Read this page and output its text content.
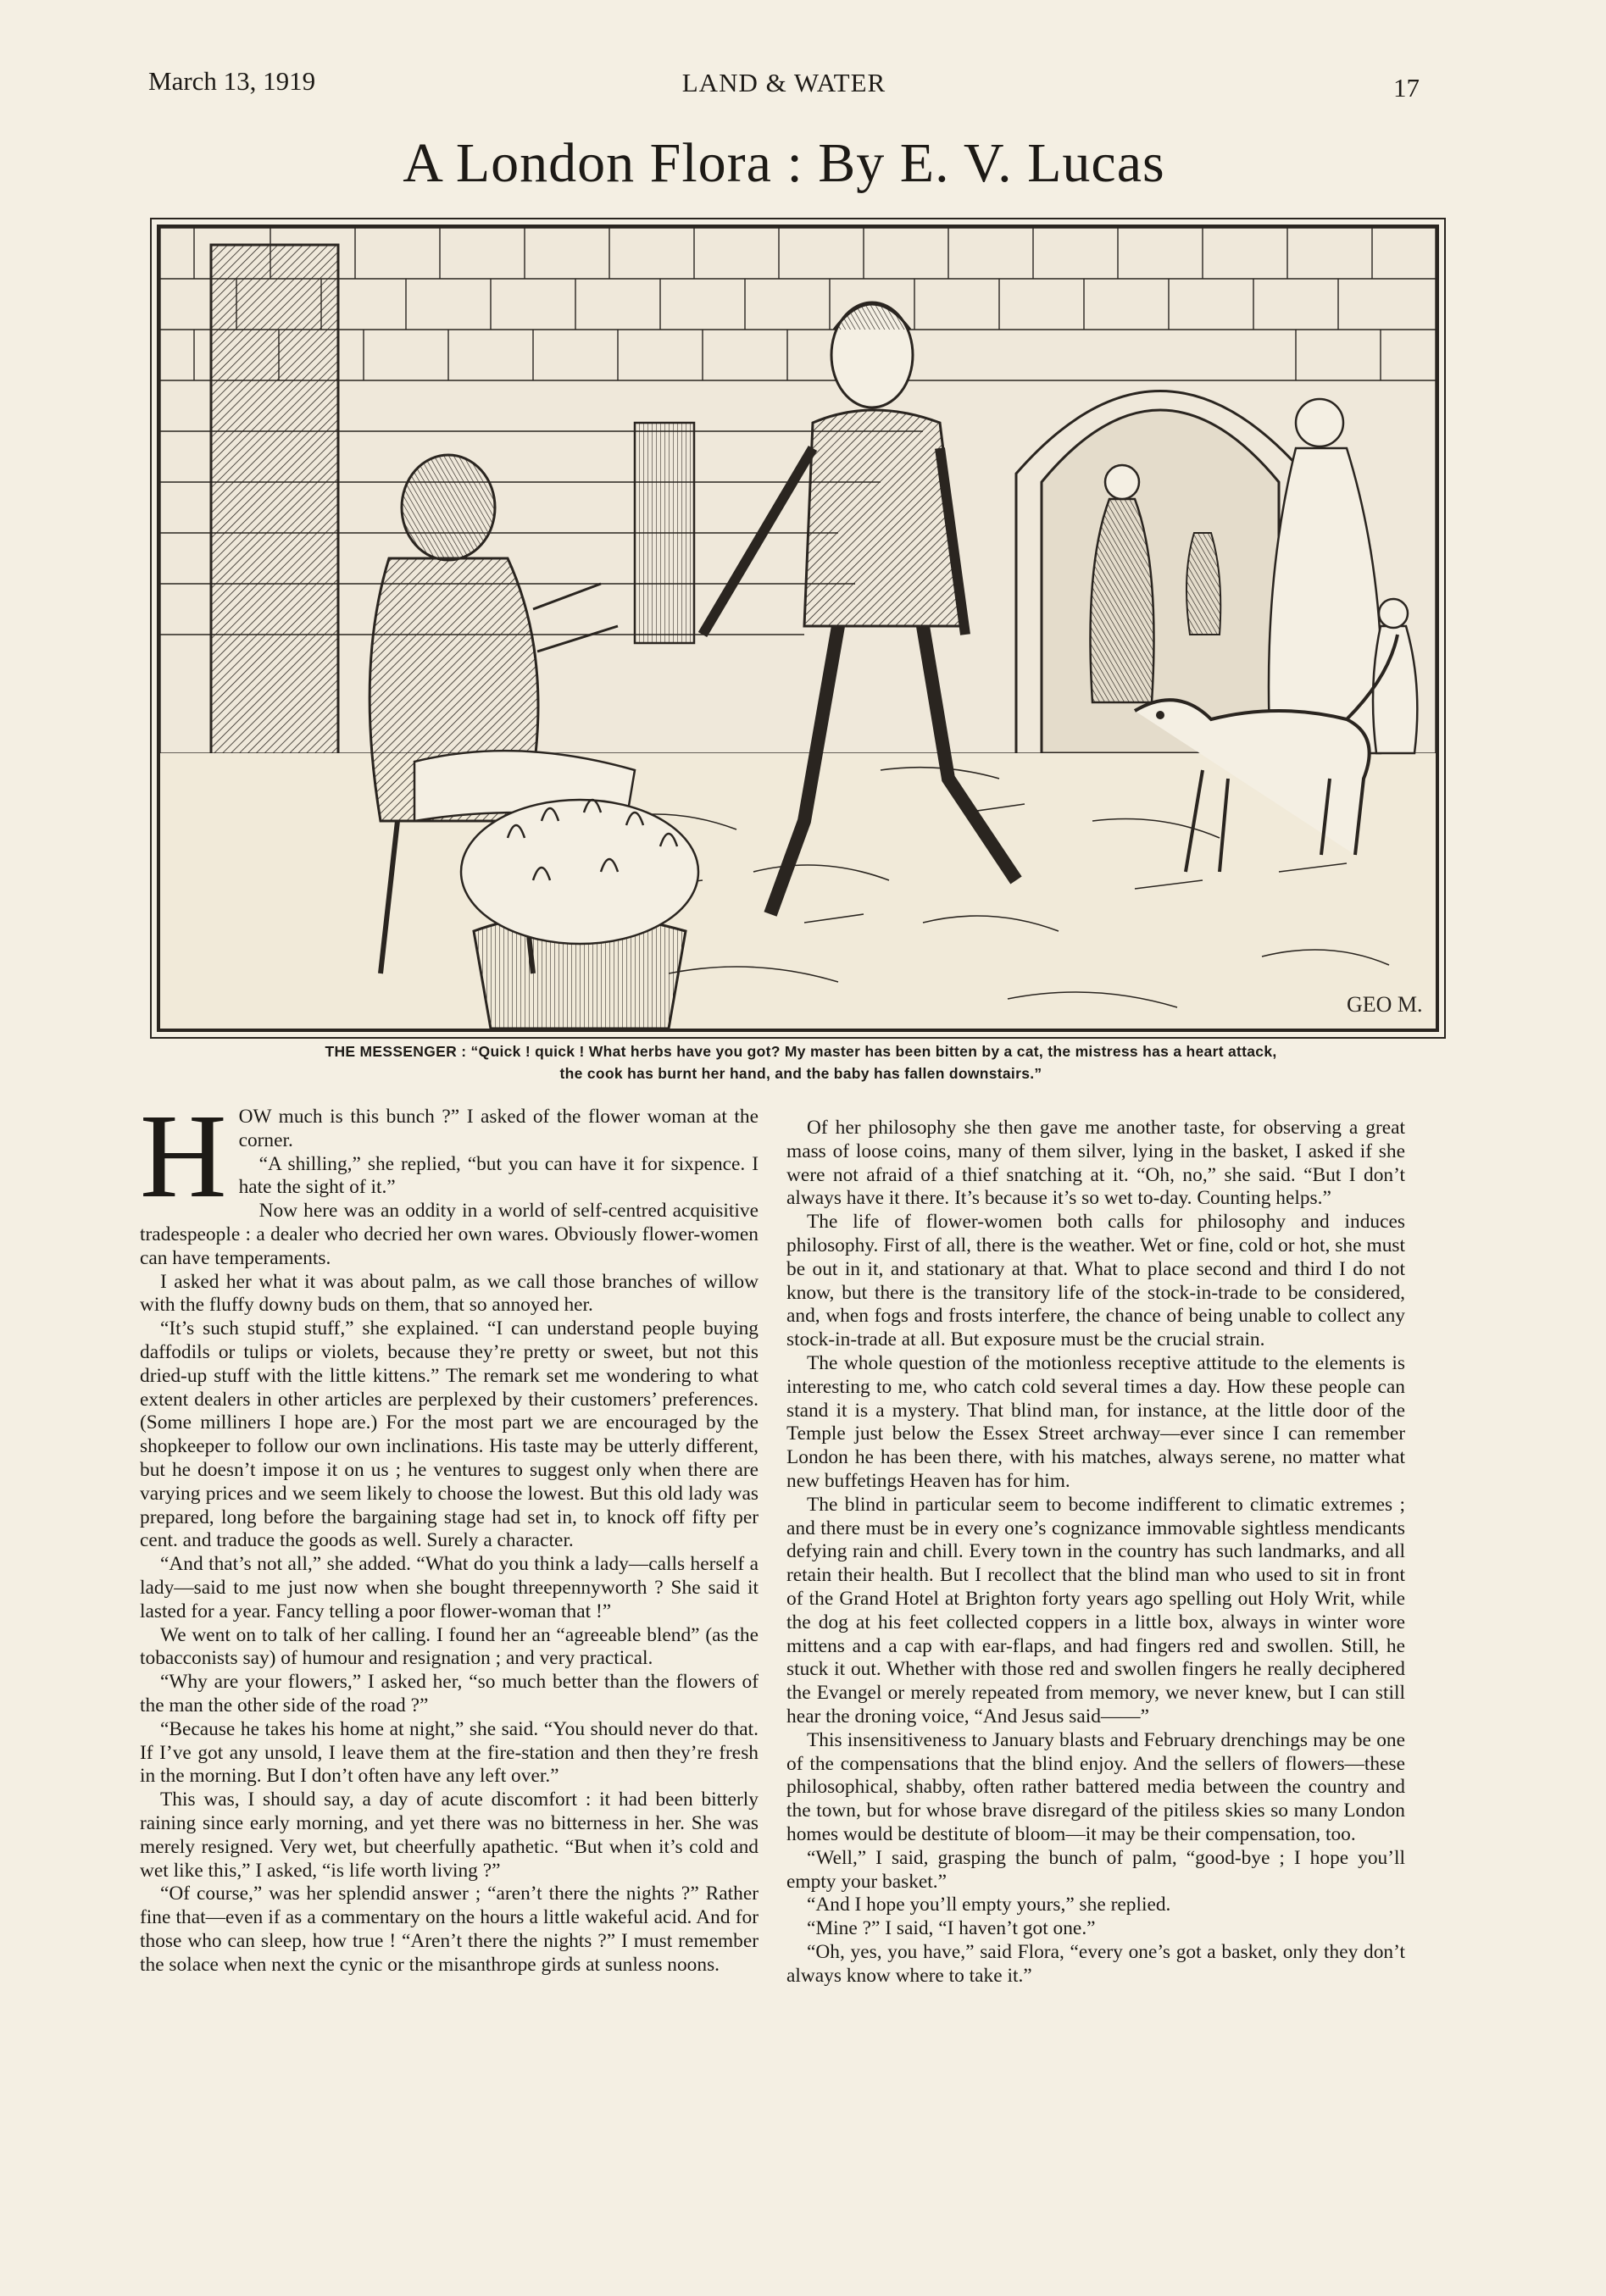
March 13, 1919	LAND & WATER	17
A London Flora : By E. V. Lucas
GEO M.
THE MESSENGER : “Quick ! quick ! What herbs have you got? My master has been bitten by a cat, the mistress has a heart attack,
the cook has burnt her hand, and the baby has fallen downstairs.”
H OW much is this bunch ?” I asked of the flower woman at the corner.

“A shilling,” she replied, “but you can have it for sixpence. I hate the sight of it.”

Now here was an oddity in a world of self-centred acquisitive tradespeople : a dealer who decried her own wares. Obviously flower-women can have temperaments.

I asked her what it was about palm, as we call those branches of willow with the fluffy downy buds on them, that so annoyed her.

“It’s such stupid stuff,” she explained. “I can understand people buying daffodils or tulips or violets, because they’re pretty or sweet, but not this dried-up stuff with the little kittens.” The remark set me wondering to what extent dealers in other articles are perplexed by their customers’ preferences. (Some milliners I hope are.) For the most part we are encouraged by the shopkeeper to follow our own inclinations. His taste may be utterly different, but he doesn’t impose it on us ; he ventures to suggest only when there are varying prices and we seem likely to choose the lowest. But this old lady was prepared, long before the bargaining stage had set in, to knock off fifty per cent. and traduce the goods as well. Surely a character.

“And that’s not all,” she added. “What do you think a lady—calls herself a lady—said to me just now when she bought threepennyworth ? She said it lasted for a year. Fancy telling a poor flower-woman that !”

We went on to talk of her calling. I found her an “agreeable blend” (as the tobacconists say) of humour and resignation ; and very practical.

“Why are your flowers,” I asked her, “so much better than the flowers of the man the other side of the road ?”

“Because he takes his home at night,” she said. “You should never do that. If I’ve got any unsold, I leave them at the fire-station and then they’re fresh in the morning. But I don’t often have any left over.”

This was, I should say, a day of acute discomfort : it had been bitterly raining since early morning, and yet there was no bitterness in her. She was merely resigned. Very wet, but cheerfully apathetic. “But when it’s cold and wet like this,” I asked, “is life worth living ?”

“Of course,” was her splendid answer ; “aren’t there the nights ?” Rather fine that—even if as a commentary on the hours a little wakeful acid. And for those who can sleep, how true ! “Aren’t there the nights ?” I must remember the solace when next the cynic or the misanthrope girds at sunless noons.

Of her philosophy she then gave me another taste, for observing a great mass of loose coins, many of them silver, lying in the basket, I asked if she were not afraid of a thief snatching at it. “Oh, no,” she said. “But I don’t always have it there. It’s because it’s so wet to-day. Counting helps.”

The life of flower-women both calls for philosophy and induces philosophy. First of all, there is the weather. Wet or fine, cold or hot, she must be out in it, and stationary at that. What to place second and third I do not know, but there is the transitory life of the stock-in-trade to be considered, and, when fogs and frosts interfere, the chance of being unable to collect any stock-in-trade at all. But exposure must be the crucial strain.

The whole question of the motionless receptive attitude to the elements is interesting to me, who catch cold several times a day. How these people can stand it is a mystery. That blind man, for instance, at the little door of the Temple just below the Essex Street archway—ever since I can remember London he has been there, with his matches, always serene, no matter what new buffetings Heaven has for him.

The blind in particular seem to become indifferent to climatic extremes ; and there must be in every one’s cognizance immovable sightless mendicants defying rain and chill. Every town in the country has such landmarks, and all retain their health. But I recollect that the blind man who used to sit in front of the Grand Hotel at Brighton forty years ago spelling out Holy Writ, while the dog at his feet collected coppers in a little box, always in winter wore mittens and a cap with ear-flaps, and had fingers red and swollen. Still, he stuck it out. Whether with those red and swollen fingers he really deciphered the Evangel or merely repeated from memory, we never knew, but I can still hear the droning voice, “And Jesus said——”

This insensitiveness to January blasts and February drenchings may be one of the compensations that the blind enjoy. And the sellers of flowers—these philosophical, shabby, often rather battered media between the country and the town, but for whose brave disregard of the pitiless skies so many London homes would be destitute of bloom—it may be their compensation, too.

“Well,” I said, grasping the bunch of palm, “good-bye ; I hope you’ll empty your basket.”

“And I hope you’ll empty yours,” she replied.

“Mine ?” I said, “I haven’t got one.”

“Oh, yes, you have,” said Flora, “every one’s got a basket, only they don’t always know where to take it.”
